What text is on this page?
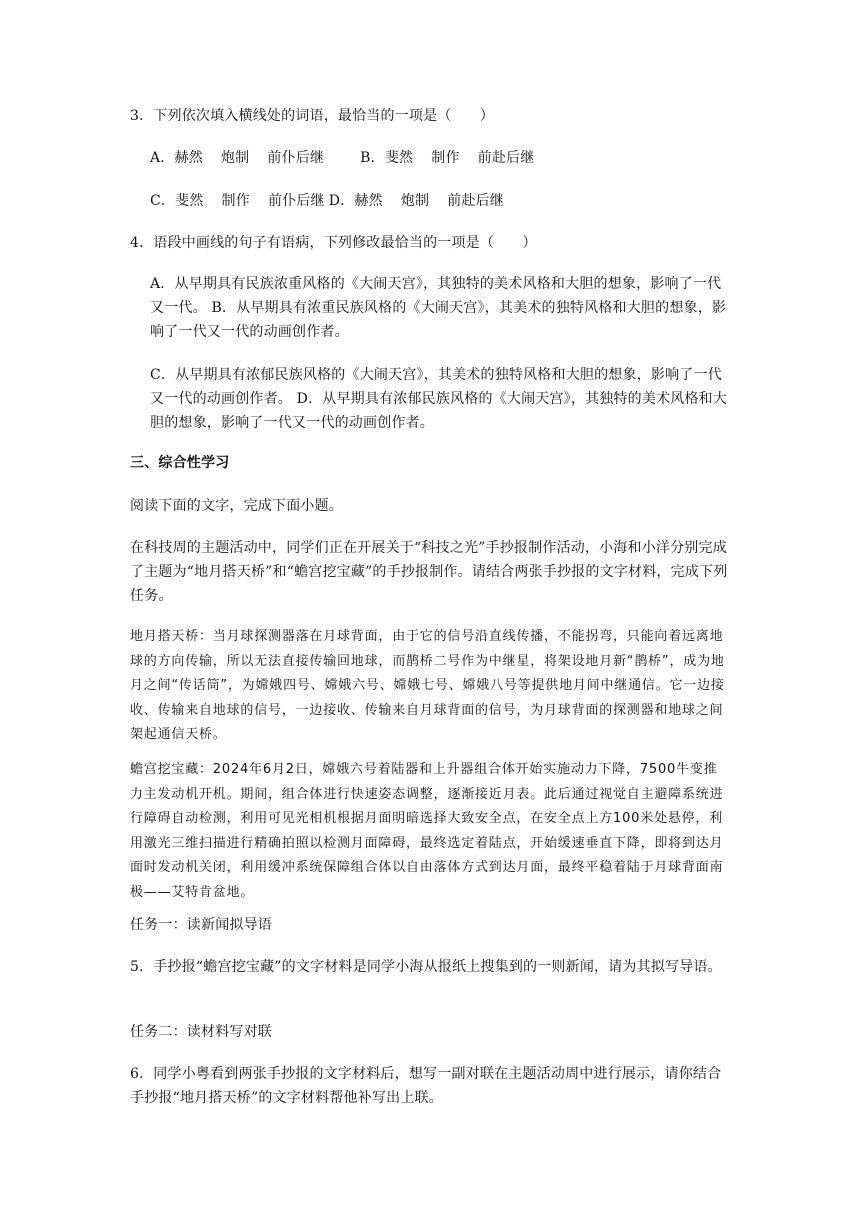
3．下列依次填入横线处的词语，最恰当的一项是（　　）

A．赫然 炮制 前仆后继	B．斐然 制作 前赴后继

C．斐然 制作 前仆后继 D．赫然 炮制 前赴后继

4．语段中画线的句子有语病，下列修改最恰当的一项是（　　）

A．从早期具有民族浓重风格的《大闹天宫》，其独特的美术风格和大胆的想象，影响了一代又一代。 B．从早期具有浓重民族风格的《大闹天宫》，其美术的独特风格和大胆的想象，影响了一代又一代的动画创作者。

C．从早期具有浓郁民族风格的《大闹天宫》，其美术的独特风格和大胆的想象，影响了一代又一代的动画创作者。 D．从早期具有浓郁民族风格的《大闹天宫》，其独特的美术风格和大胆的想象，影响了一代又一代的动画创作者。

三、综合性学习

阅读下面的文字，完成下面小题。

在科技周的主题活动中，同学们正在开展关于“科技之光”手抄报制作活动，小海和小洋分别完成了主题为“地月搭天桥”和“蟾宫挖宝藏”的手抄报制作。请结合两张手抄报的文字材料，完成下列任务。

地月搭天桥：当月球探测器落在月球背面，由于它的信号沿直线传播，不能拐弯，只能向着远离地球的方向传输，所以无法直接传输回地球，而鹊桥二号作为中继星，将架设地月新“鹊桥”，成为地月之间“传话筒”，为嫦娥四号、嫦娥六号、嫦娥七号、嫦娥八号等提供地月间中继通信。它一边接收、传输来自地球的信号，一边接收、传输来自月球背面的信号，为月球背面的探测器和地球之间架起通信天桥。

蟾宫挖宝藏：2024年6月2日，嫦娥六号着陆器和上升器组合体开始实施动力下降，7500牛变推力主发动机开机。期间，组合体进行快速姿态调整，逐渐接近月表。此后通过视觉自主避障系统进行障碍自动检测，利用可见光相机根据月面明暗选择大致安全点，在安全点上方100米处悬停，利用激光三维扫描进行精确拍照以检测月面障碍，最终选定着陆点，开始缓速垂直下降，即将到达月面时发动机关闭，利用缓冲系统保障组合体以自由落体方式到达月面，最终平稳着陆于月球背面南极——艾特肯盆地。

任务一：读新闻拟导语

5．手抄报“蟾宫挖宝藏”的文字材料是同学小海从报纸上搜集到的一则新闻，请为其拟写导语。

任务二：读材料写对联

6．同学小粤看到两张手抄报的文字材料后，想写一副对联在主题活动周中进行展示，请你结合手抄报“地月搭天桥”的文字材料帮他补写出上联。
